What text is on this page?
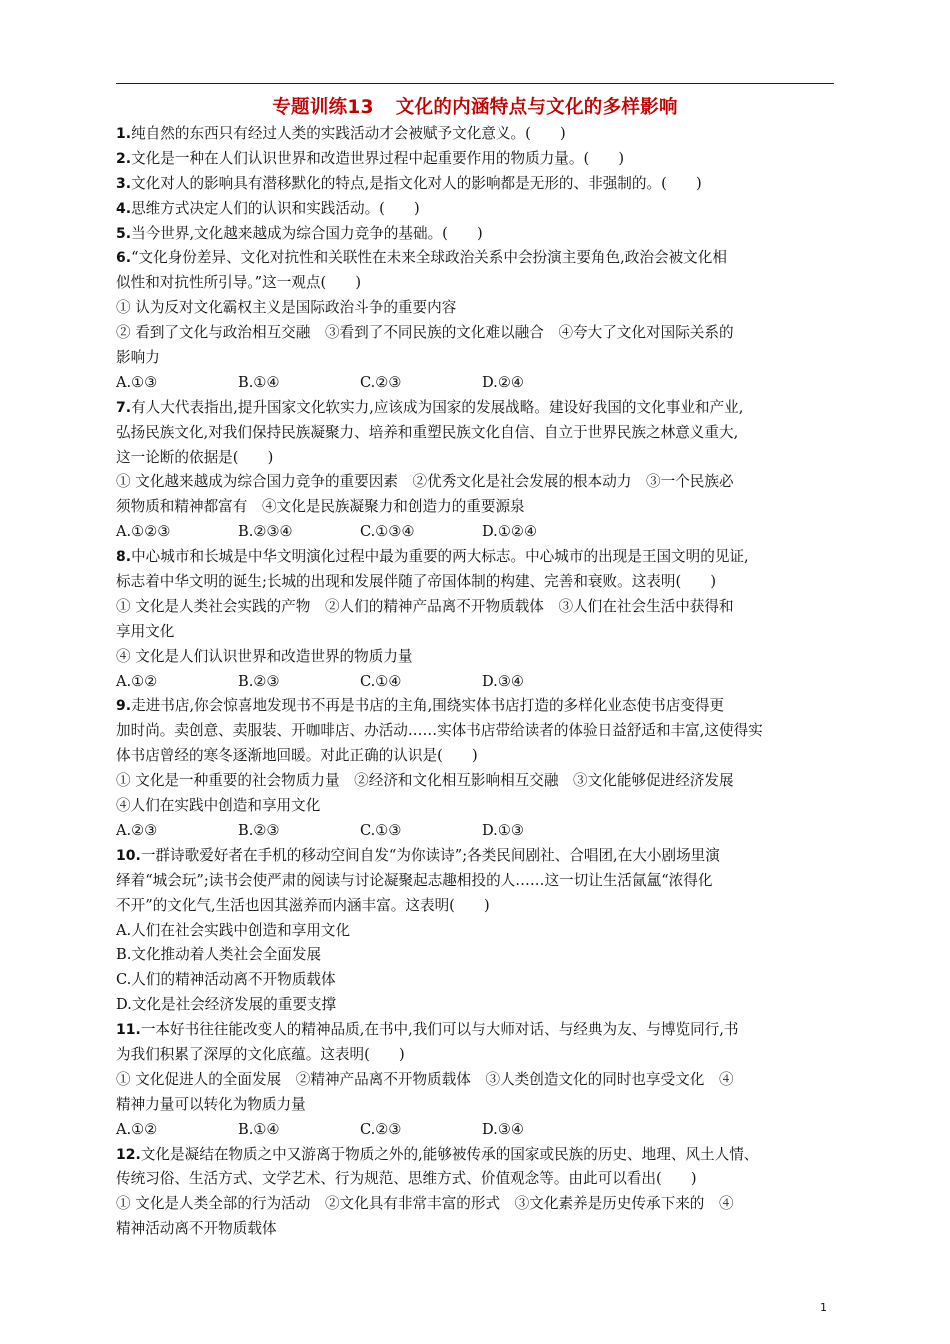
专题训练13 文化的内涵特点与文化的多样影响
1.纯自然的东西只有经过人类的实践活动才会被赋予文化意义。(　　)
2.文化是一种在人们认识世界和改造世界过程中起重要作用的物质力量。(　　)
3.文化对人的影响具有潜移默化的特点,是指文化对人的影响都是无形的、非强制的。(　　)
4.思维方式决定人们的认识和实践活动。(　　)
5.当今世界,文化越来越成为综合国力竞争的基础。(　　)
6.“文化身份差异、文化对抗性和关联性在未来全球政治关系中会扮演主要角色,政治会被文化相
似性和对抗性所引导。”这一观点(　　)
① 认为反对文化霸权主义是国际政治斗争的重要内容
② 看到了文化与政治相互交融　③看到了不同民族的文化难以融合　④夸大了文化对国际关系的
影响力
A.①③	B.①④	C.②③	D.②④
7.有人大代表指出,提升国家文化软实力,应该成为国家的发展战略。建设好我国的文化事业和产业,
弘扬民族文化,对我们保持民族凝聚力、培养和重塑民族文化自信、自立于世界民族之林意义重大,
这一论断的依据是(　　)
① 文化越来越成为综合国力竞争的重要因素　②优秀文化是社会发展的根本动力　③一个民族必
须物质和精神都富有　④文化是民族凝聚力和创造力的重要源泉
A.①②③	B.②③④	C.①③④	D.①②④
8.中心城市和长城是中华文明演化过程中最为重要的两大标志。中心城市的出现是王国文明的见证,
标志着中华文明的诞生;长城的出现和发展伴随了帝国体制的构建、完善和衰败。这表明(　　)
① 文化是人类社会实践的产物　②人们的精神产品离不开物质载体　③人们在社会生活中获得和
享用文化
④ 文化是人们认识世界和改造世界的物质力量
A.①②	B.②③	C.①④	D.③④
9.走进书店,你会惊喜地发现书不再是书店的主角,围绕实体书店打造的多样化业态使书店变得更
加时尚。卖创意、卖服装、开咖啡店、办活动……实体书店带给读者的体验日益舒适和丰富,这使得实
体书店曾经的寒冬逐渐地回暖。对此正确的认识是(　　)
① 文化是一种重要的社会物质力量　②经济和文化相互影响相互交融　③文化能够促进经济发展
④人们在实践中创造和享用文化
A.②③	B.②③	C.①③	D.①③
10.一群诗歌爱好者在手机的移动空间自发“为你读诗”;各类民间剧社、合唱团,在大小剧场里演
绎着“城会玩”;读书会使严肃的阅读与讨论凝聚起志趣相投的人……这一切让生活氤氲“浓得化
不开”的文化气,生活也因其滋养而内涵丰富。这表明(　　)
A.人们在社会实践中创造和享用文化
B.文化推动着人类社会全面发展
C.人们的精神活动离不开物质载体
D.文化是社会经济发展的重要支撑
11.一本好书往往能改变人的精神品质,在书中,我们可以与大师对话、与经典为友、与博览同行,书
为我们积累了深厚的文化底蕴。这表明(　　)
① 文化促进人的全面发展　②精神产品离不开物质载体　③人类创造文化的同时也享受文化　④
精神力量可以转化为物质力量
A.①②	B.①④	C.②③	D.③④
12.文化是凝结在物质之中又游离于物质之外的,能够被传承的国家或民族的历史、地理、风土人情、
传统习俗、生活方式、文学艺术、行为规范、思维方式、价值观念等。由此可以看出(　　)
① 文化是人类全部的行为活动　②文化具有非常丰富的形式　③文化素养是历史传承下来的　④
精神活动离不开物质载体
1
